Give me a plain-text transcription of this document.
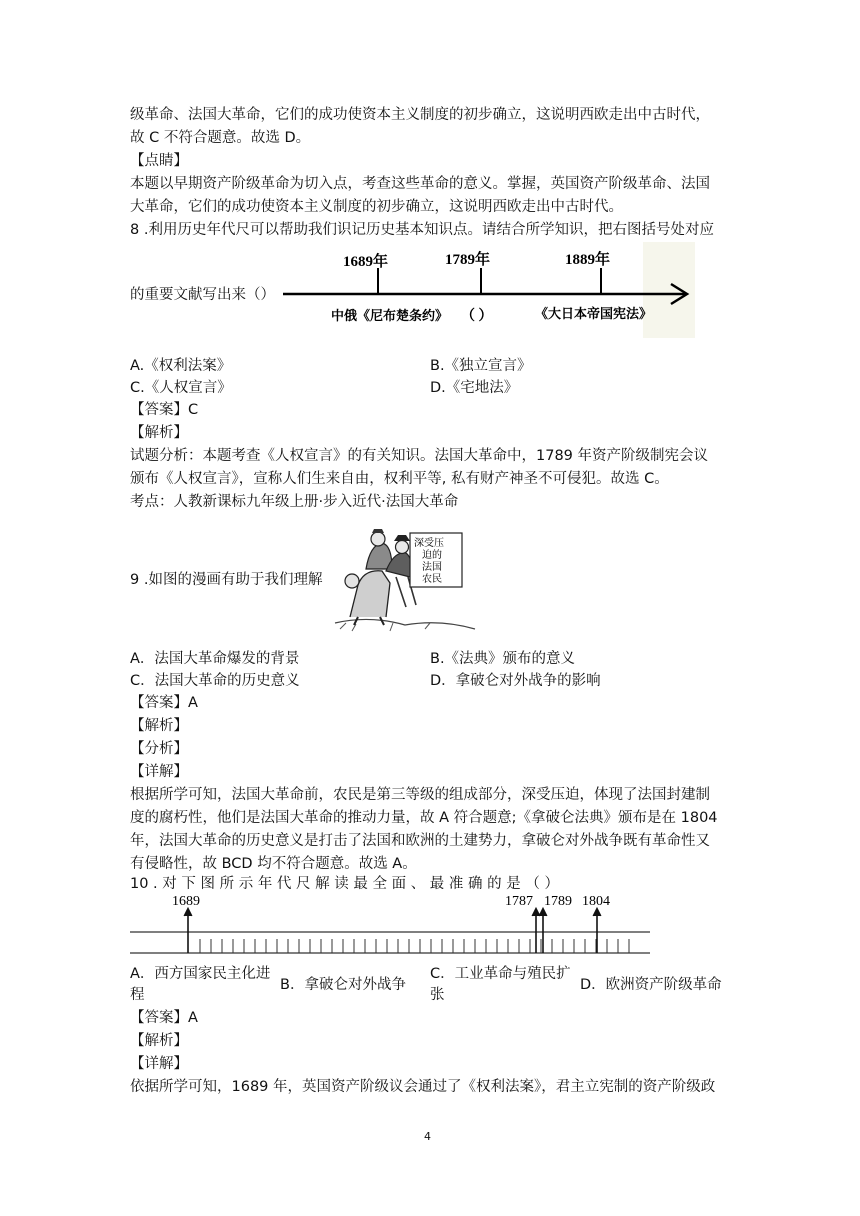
级革命、法国大革命，它们的成功使资本主义制度的初步确立，这说明西欧走出中古时代，
故 C 不符合题意。故选 D。
【点睛】
本题以早期资产阶级革命为切入点，考查这些革命的意义。掌握，英国资产阶级革命、法国
大革命，它们的成功使资本主义制度的初步确立，这说明西欧走出中古时代。
8 .利用历史年代尺可以帮助我们识记历史基本知识点。请结合所学知识，把右图括号处对应
的重要文献写出来（）
1689年	1789年	1889年
中俄《尼布楚条约》 （ ）	《大日本帝国宪法》
A.《权利法案》	B.《独立宣言》
C.《人权宣言》	D.《宅地法》
【答案】C
【解析】
试题分析：本题考查《人权宣言》的有关知识。法国大革命中，1789 年资产阶级制宪会议
颁布《人权宣言》，宣称人们生来自由，权利平等, 私有财产神圣不可侵犯。故选 C。
考点：人教新课标九年级上册·步入近代·法国大革命
9 .如图的漫画有助于我们理解
深受压
迫的
法国
农民
A．法国大革命爆发的背景	B.《法典》颁布的意义
C．法国大革命的历史意义	D．拿破仑对外战争的影响
【答案】A
【解析】
【分析】
【详解】
根据所学可知，法国大革命前，农民是第三等级的组成部分，深受压迫，体现了法国封建制
度的腐朽性，他们是法国大革命的推动力量，故 A 符合题意;《拿破仑法典》颁布是在 1804
年，法国大革命的历史意义是打击了法国和欧洲的土建势力，拿破仑对外战争既有革命性又
有侵略性，故 BCD 均不符合题意。故选 A。
10 . 对 下 图 所 示 年 代 尺 解 读 最 全 面 、 最 准 确 的 是 （ ）
1689	1787 1789 1804
A．西方国家民主化进
程
B．拿破仑对外战争
C．工业革命与殖民扩
张
D．欧洲资产阶级革命
【答案】A
【解析】
【详解】
依据所学可知，1689 年，英国资产阶级议会通过了《权利法案》，君主立宪制的资产阶级政
4
